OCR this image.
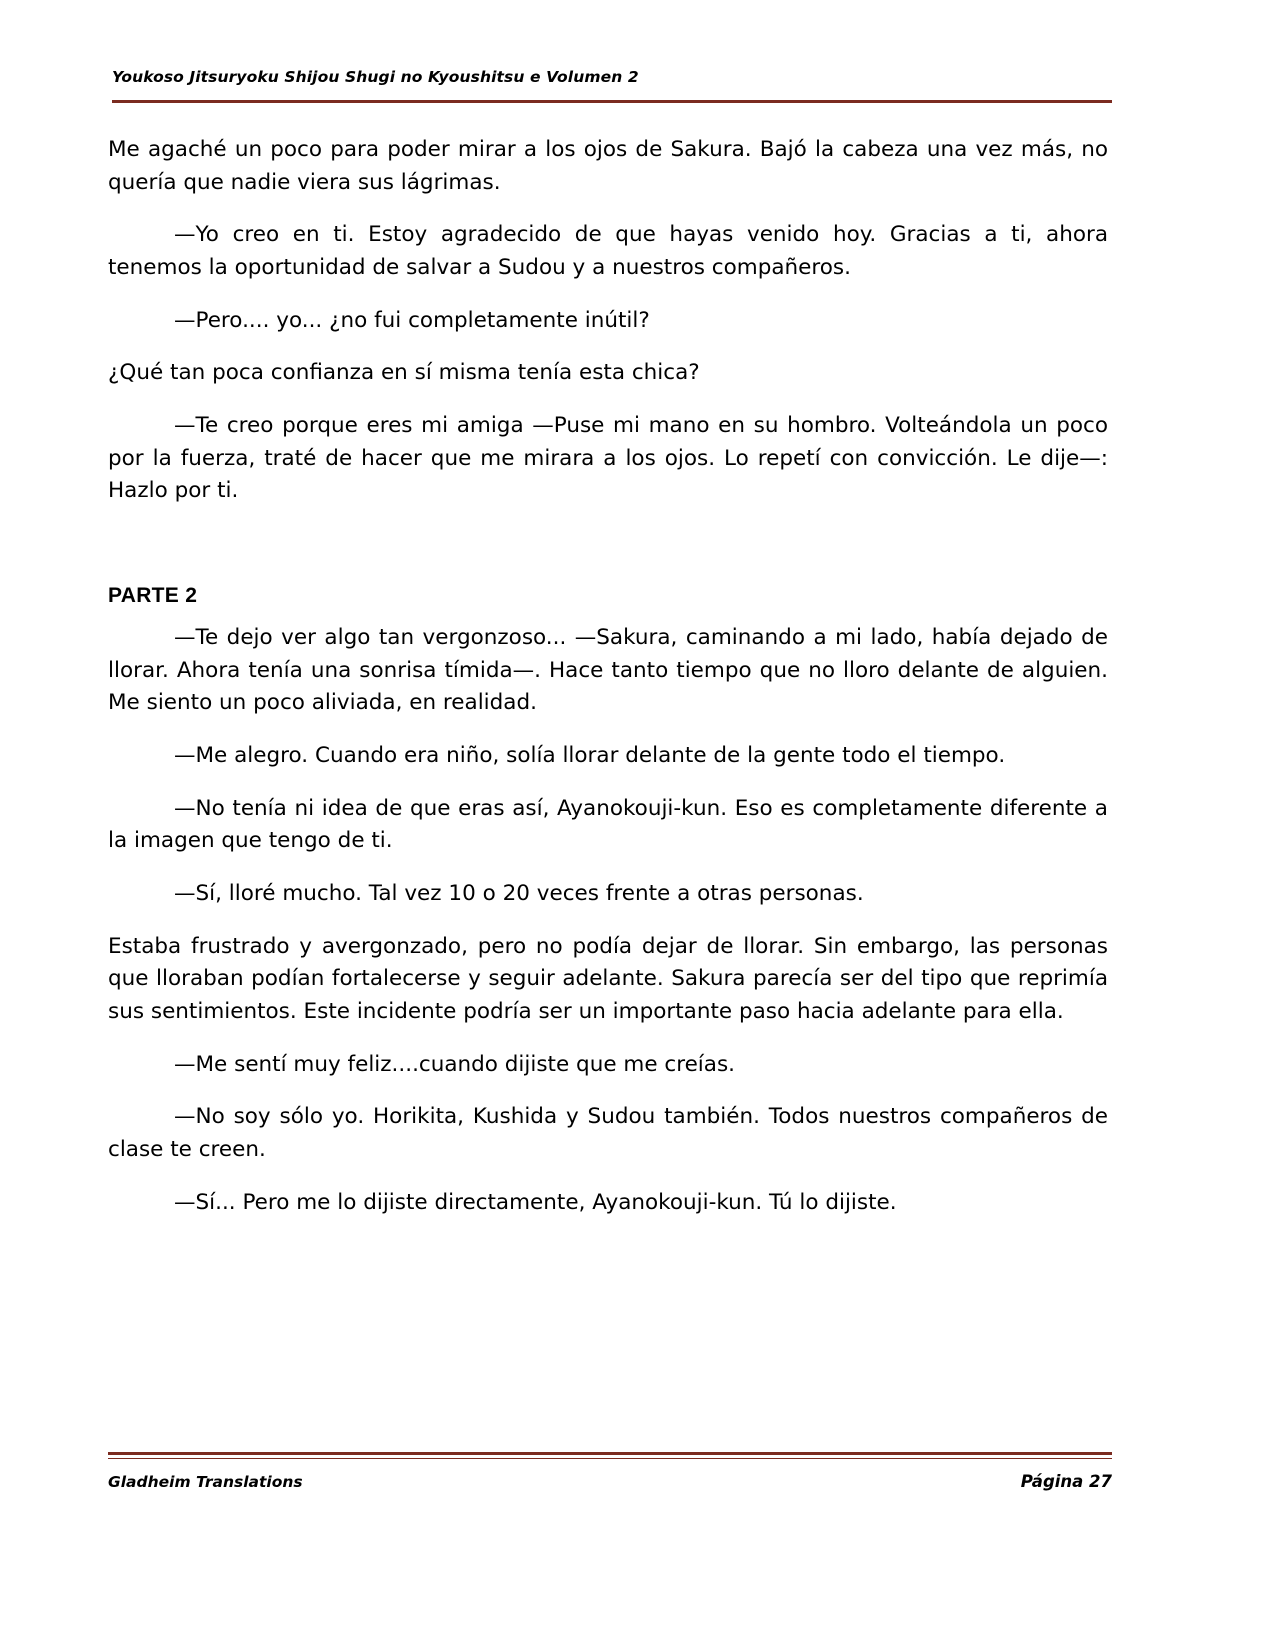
Youkoso Jitsuryoku Shijou Shugi no Kyoushitsu e Volumen 2

Me agaché un poco para poder mirar a los ojos de Sakura. Bajó la cabeza una vez más, no quería que nadie viera sus lágrimas.

—Yo creo en ti. Estoy agradecido de que hayas venido hoy. Gracias a ti, ahora tenemos la oportunidad de salvar a Sudou y a nuestros compañeros.

—Pero.... yo... ¿no fui completamente inútil?

¿Qué tan poca confianza en sí misma tenía esta chica?

—Te creo porque eres mi amiga —Puse mi mano en su hombro. Volteándola un poco por la fuerza, traté de hacer que me mirara a los ojos. Lo repetí con convicción. Le dije—: Hazlo por ti.

PARTE 2

—Te dejo ver algo tan vergonzoso... —Sakura, caminando a mi lado, había dejado de llorar. Ahora tenía una sonrisa tímida—. Hace tanto tiempo que no lloro delante de alguien. Me siento un poco aliviada, en realidad.

—Me alegro. Cuando era niño, solía llorar delante de la gente todo el tiempo.

—No tenía ni idea de que eras así, Ayanokouji-kun. Eso es completamente diferente a la imagen que tengo de ti.

—Sí, lloré mucho. Tal vez 10 o 20 veces frente a otras personas.

Estaba frustrado y avergonzado, pero no podía dejar de llorar. Sin embargo, las personas que lloraban podían fortalecerse y seguir adelante. Sakura parecía ser del tipo que reprimía sus sentimientos. Este incidente podría ser un importante paso hacia adelante para ella.

—Me sentí muy feliz....cuando dijiste que me creías.

—No soy sólo yo. Horikita, Kushida y Sudou también. Todos nuestros compañeros de clase te creen.

—Sí... Pero me lo dijiste directamente, Ayanokouji-kun. Tú lo dijiste.

Gladheim Translations	Página 27
